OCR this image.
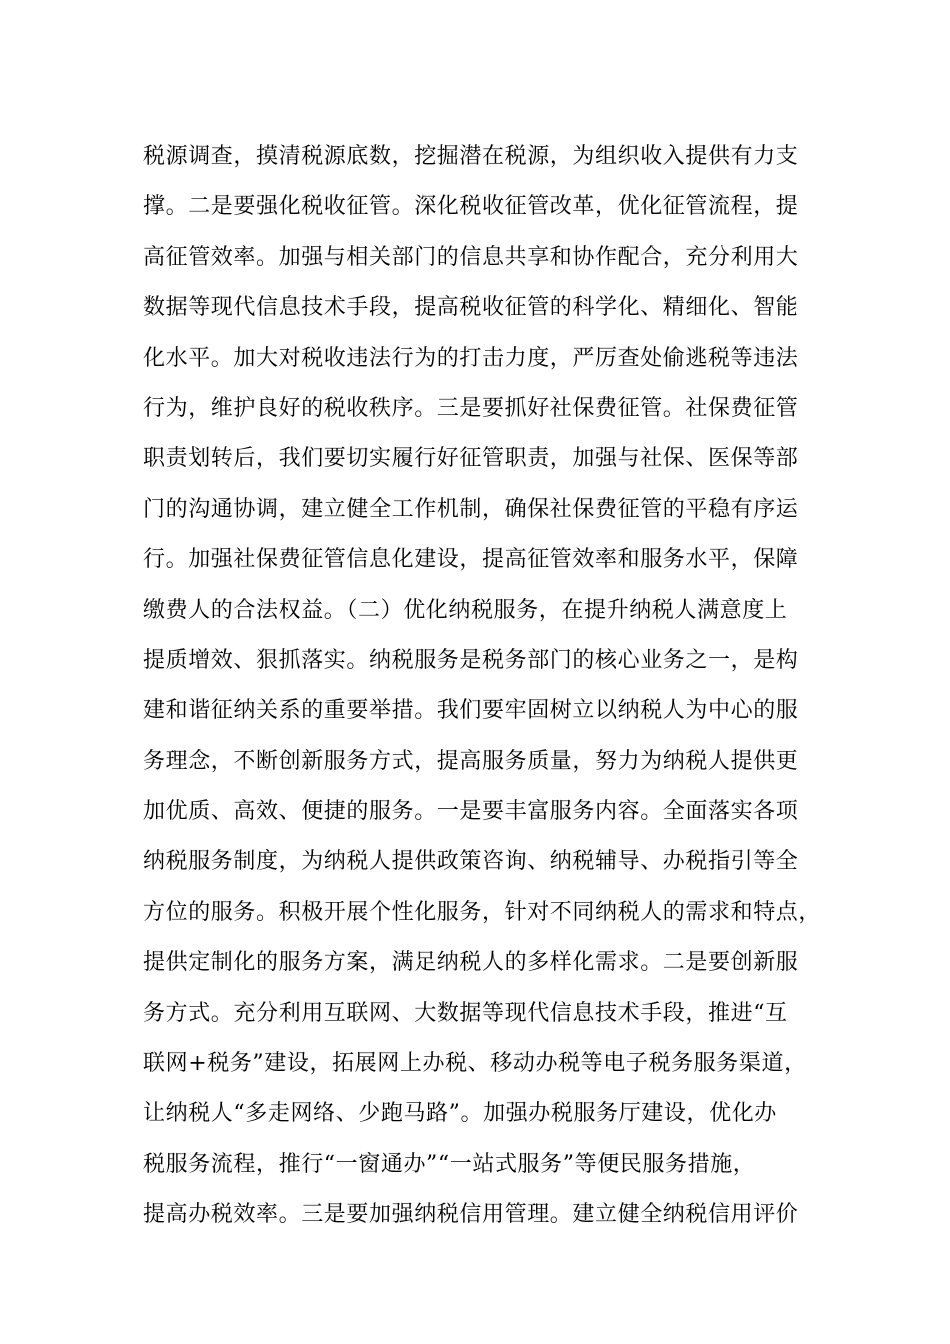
税源调查，摸清税源底数，挖掘潜在税源，为组织收入提供有力支
撑。二是要强化税收征管。深化税收征管改革，优化征管流程，提
高征管效率。加强与相关部门的信息共享和协作配合，充分利用大
数据等现代信息技术手段，提高税收征管的科学化、精细化、智能
化水平。加大对税收违法行为的打击力度，严厉查处偷逃税等违法
行为，维护良好的税收秩序。三是要抓好社保费征管。社保费征管
职责划转后，我们要切实履行好征管职责，加强与社保、医保等部
门的沟通协调，建立健全工作机制，确保社保费征管的平稳有序运
行。加强社保费征管信息化建设，提高征管效率和服务水平，保障
缴费人的合法权益。（二）优化纳税服务，在提升纳税人满意度上
提质增效、狠抓落实。纳税服务是税务部门的核心业务之一，是构
建和谐征纳关系的重要举措。我们要牢固树立以纳税人为中心的服
务理念，不断创新服务方式，提高服务质量，努力为纳税人提供更
加优质、高效、便捷的服务。一是要丰富服务内容。全面落实各项
纳税服务制度，为纳税人提供政策咨询、纳税辅导、办税指引等全
方位的服务。积极开展个性化服务，针对不同纳税人的需求和特点，
提供定制化的服务方案，满足纳税人的多样化需求。二是要创新服
务方式。充分利用互联网、大数据等现代信息技术手段，推进“互
联网+税务”建设，拓展网上办税、移动办税等电子税务服务渠道，
让纳税人“多走网络、少跑马路”。加强办税服务厅建设，优化办
税服务流程，推行“一窗通办”“一站式服务”等便民服务措施，
提高办税效率。三是要加强纳税信用管理。建立健全纳税信用评价
